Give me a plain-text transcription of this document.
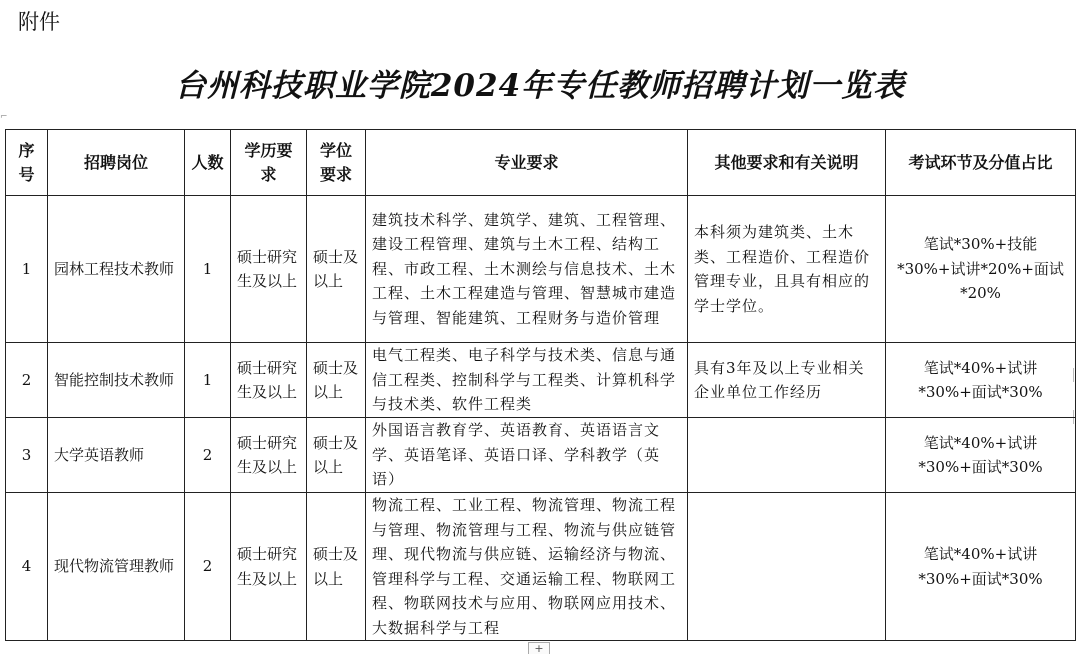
附件
台州科技职业学院2024年专任教师招聘计划一览表
⌐
序号	招聘岗位	人数	学历要求	学位要求	专业要求	其他要求和有关说明	考试环节及分值占比
1	园林工程技术教师	1	硕士研究生及以上	硕士及以上	建筑技术科学、建筑学、建筑、工程管理、建设工程管理、建筑与土木工程、结构工程、市政工程、土木测绘与信息技术、土木工程、土木工程建造与管理、智慧城市建造与管理、智能建筑、工程财务与造价管理	本科须为建筑类、土木类、工程造价、工程造价管理专业，且具有相应的学士学位。	笔试*30%+技能*30%+试讲*20%+面试*20%
2	智能控制技术教师	1	硕士研究生及以上	硕士及以上	电气工程类、电子科学与技术类、信息与通信工程类、控制科学与工程类、计算机科学与技术类、软件工程类	具有3年及以上专业相关企业单位工作经历	笔试*40%+试讲*30%+面试*30%
3	大学英语教师	2	硕士研究生及以上	硕士及以上	外国语言教育学、英语教育、英语语言文学、英语笔译、英语口译、学科教学（英语）		笔试*40%+试讲*30%+面试*30%
4	现代物流管理教师	2	硕士研究生及以上	硕士及以上	物流工程、工业工程、物流管理、物流工程与管理、物流管理与工程、物流与供应链管理、现代物流与供应链、运输经济与物流、管理科学与工程、交通运输工程、物联网工程、物联网技术与应用、物联网应用技术、大数据科学与工程		笔试*40%+试讲*30%+面试*30%
+
